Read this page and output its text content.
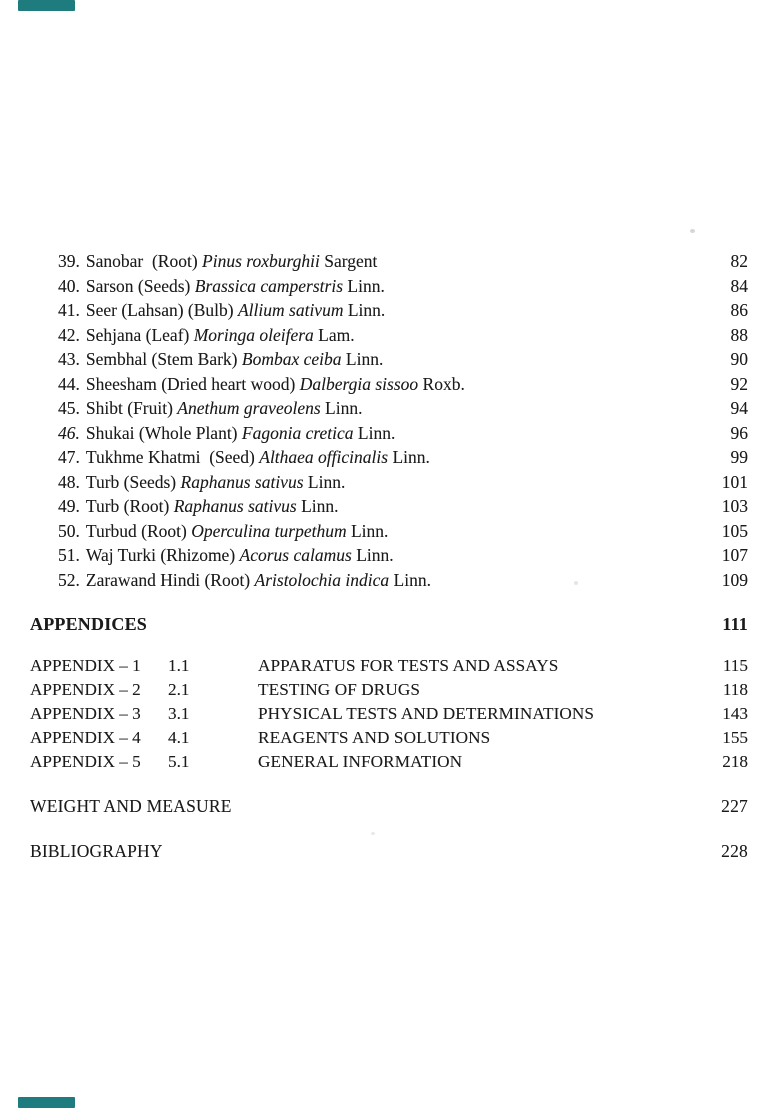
39. Sanobar  (Root) Pinus roxburghii Sargent	82
40. Sarson (Seeds) Brassica camperstris Linn.	84
41. Seer (Lahsan) (Bulb) Allium sativum Linn.	86
42. Sehjana (Leaf) Moringa oleifera Lam.	88
43. Sembhal (Stem Bark) Bombax ceiba Linn.	90
44. Sheesham (Dried heart wood) Dalbergia sissoo Roxb.	92
45. Shibt (Fruit) Anethum graveolens Linn.	94
46. Shukai (Whole Plant) Fagonia cretica Linn.	96
47. Tukhme Khatmi  (Seed) Althaea officinalis Linn.	99
48. Turb (Seeds) Raphanus sativus Linn.	101
49. Turb (Root) Raphanus sativus Linn.	103
50. Turbud (Root) Operculina turpethum Linn.	105
51. Waj Turki (Rhizome) Acorus calamus Linn.	107
52. Zarawand Hindi (Root) Aristolochia indica Linn.	109
APPENDICES	111
APPENDIX – 1	1.1	APPARATUS FOR TESTS AND ASSAYS	115
APPENDIX – 2	2.1	TESTING OF DRUGS	118
APPENDIX – 3	3.1	PHYSICAL TESTS AND DETERMINATIONS	143
APPENDIX – 4	4.1	REAGENTS AND SOLUTIONS	155
APPENDIX – 5	5.1	GENERAL INFORMATION	218
WEIGHT AND MEASURE	227
BIBLIOGRAPHY	228
